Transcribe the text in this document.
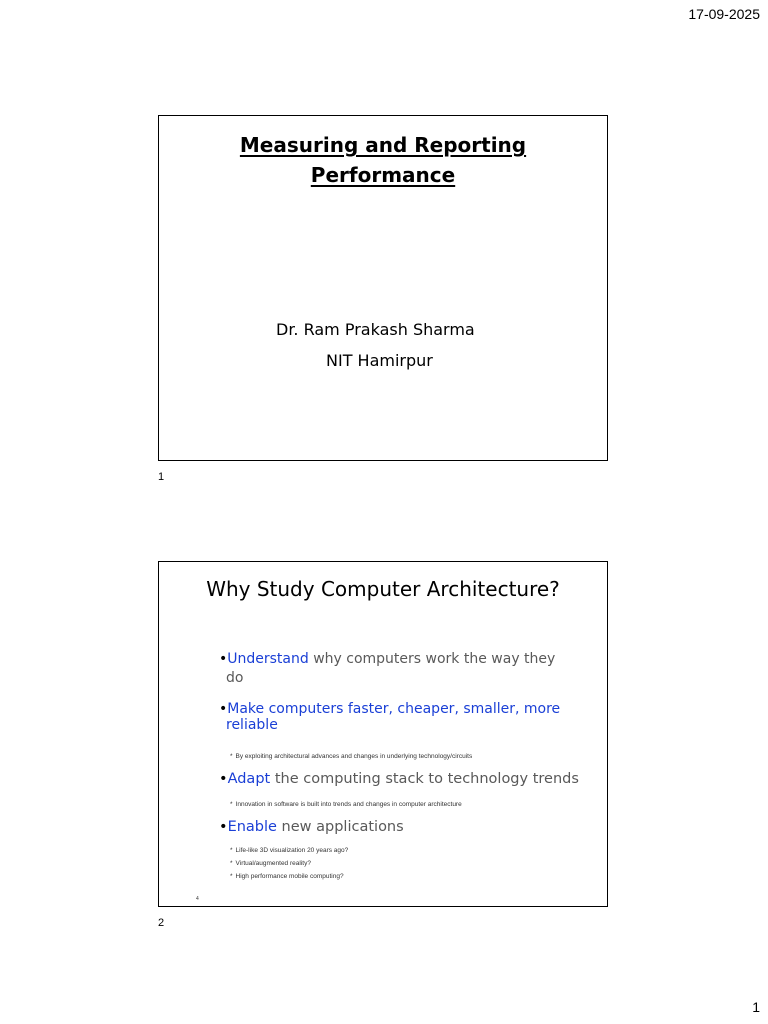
17-09-2025
Measuring and Reporting
Performance
Dr. Ram Prakash Sharma
NIT Hamirpur
1
Why Study Computer Architecture?
•Understand why computers work the way they
do
•Make computers faster, cheaper, smaller, more
reliable
* By exploiting architectural advances and changes in underlying technology/circuits
•Adapt the computing stack to technology trends
* Innovation in software is built into trends and changes in computer architecture
•Enable new applications
* Life-like 3D visualization 20 years ago?
* Virtual/augmented reality?
* High performance mobile computing?
4
2
1
